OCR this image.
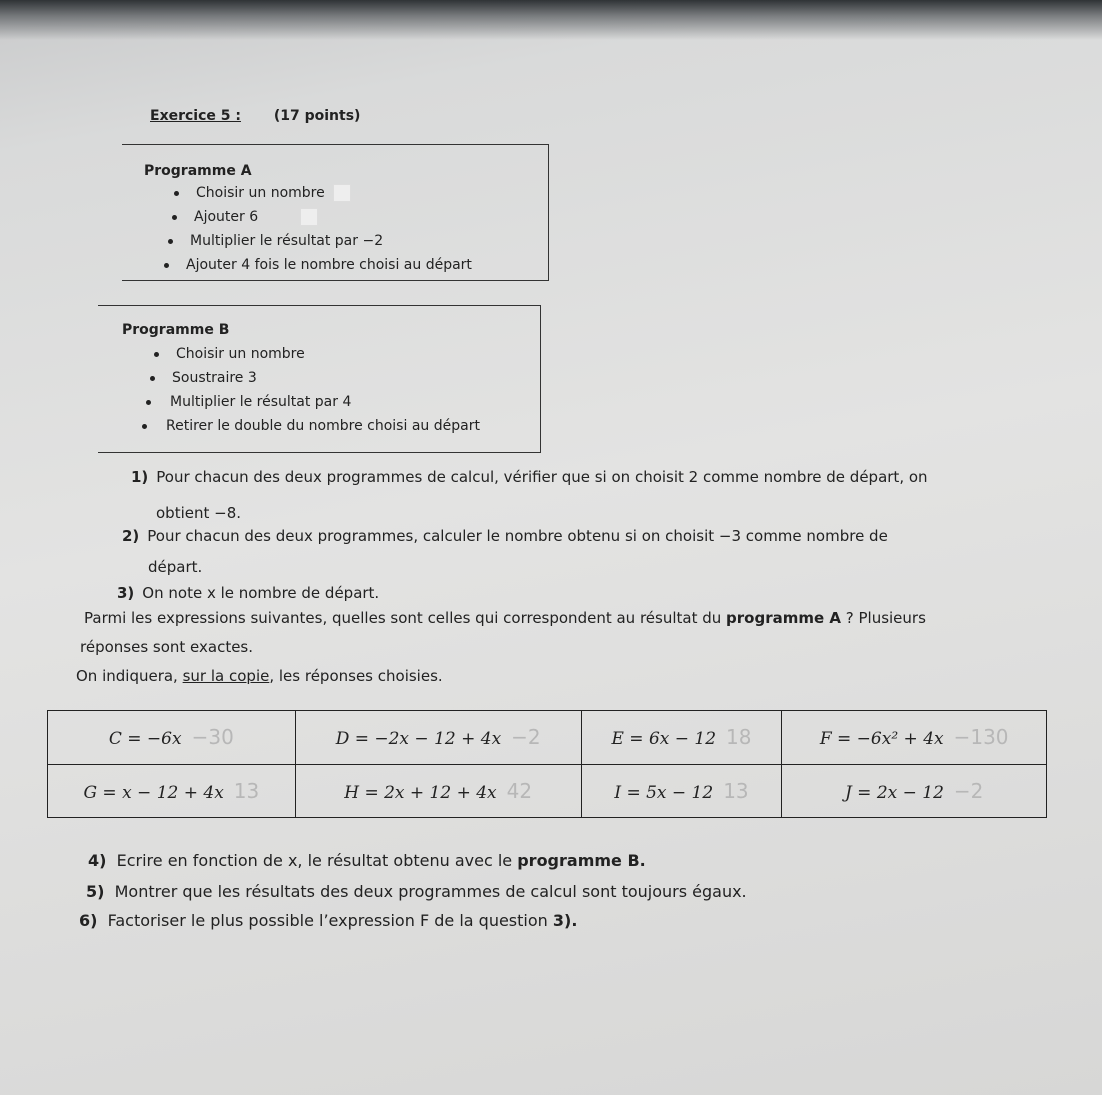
Exercice 5 : (17 points)
Programme A
Choisir un nombre
Ajouter 6
Multiplier le résultat par −2
Ajouter 4 fois le nombre choisi au départ
Programme B
Choisir un nombre
Soustraire 3
Multiplier le résultat par 4
Retirer le double du nombre choisi au départ
1) Pour chacun des deux programmes de calcul, vérifier que si on choisit 2 comme nombre de départ, on
obtient −8.
2) Pour chacun des deux programmes, calculer le nombre obtenu si on choisit −3 comme nombre de
départ.
3) On note x le nombre de départ.
Parmi les expressions suivantes, quelles sont celles qui correspondent au résultat du programme A ? Plusieurs
réponses sont exactes.
On indiquera, sur la copie, les réponses choisies.
C = −6x −30	D = −2x − 12 + 4x −2	E = 6x − 12 18	F = −6x² + 4x −130
G = x − 12 + 4x 13	H = 2x + 12 + 4x 42	I = 5x − 12 13	J = 2x − 12 −2
4) Ecrire en fonction de x, le résultat obtenu avec le programme B.
5) Montrer que les résultats des deux programmes de calcul sont toujours égaux.
6) Factoriser le plus possible l’expression F de la question 3).
